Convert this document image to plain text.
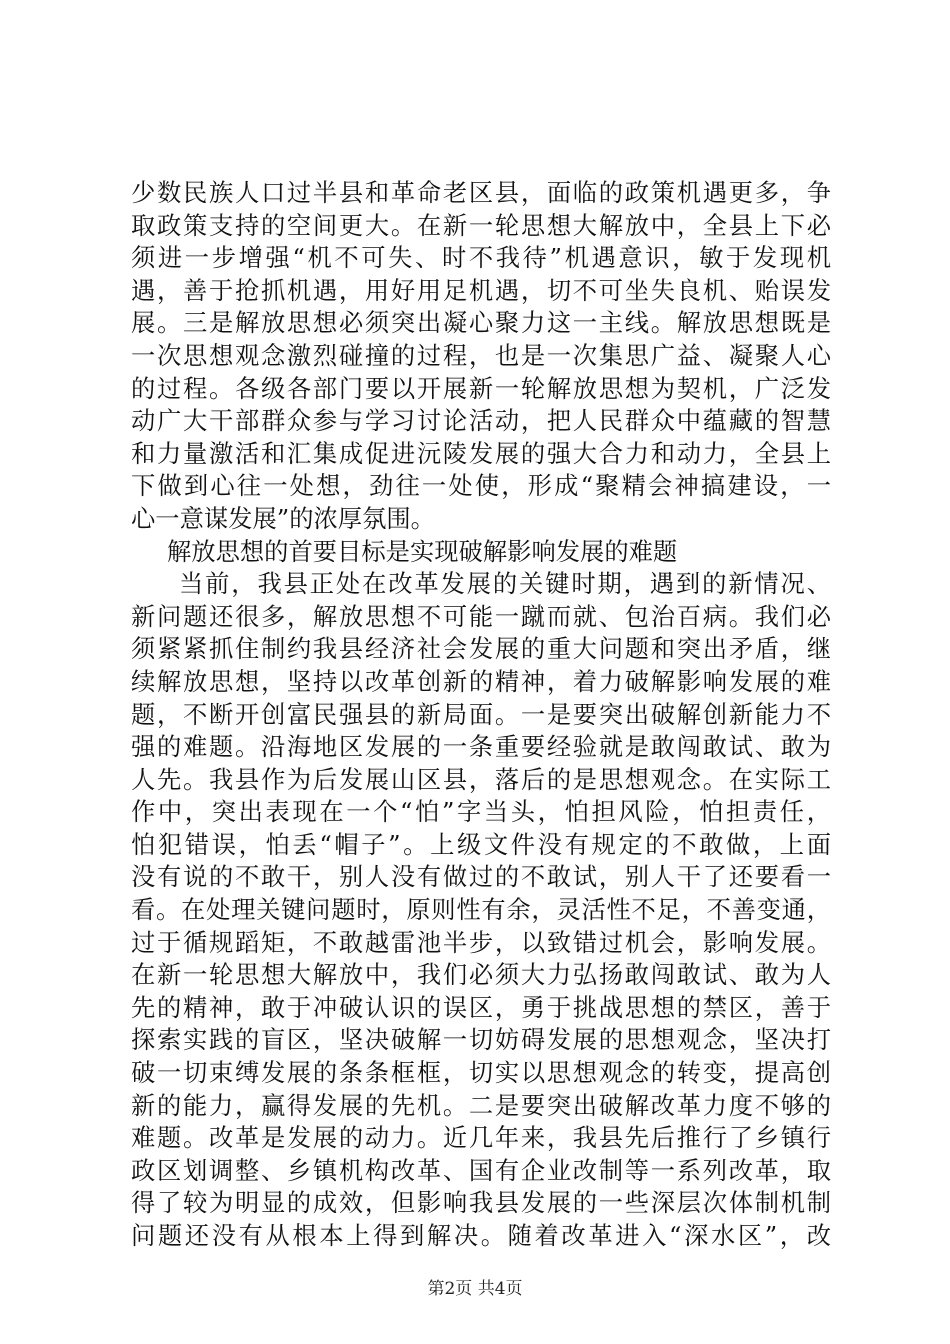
少数民族人口过半县和革命老区县，面临的政策机遇更多，争
取政策支持的空间更大。在新一轮思想大解放中，全县上下必
须进一步增强“机不可失、时不我待”机遇意识，敏于发现机
遇，善于抢抓机遇，用好用足机遇，切不可坐失良机、贻误发
展。三是解放思想必须突出凝心聚力这一主线。解放思想既是
一次思想观念激烈碰撞的过程，也是一次集思广益、凝聚人心
的过程。各级各部门要以开展新一轮解放思想为契机，广泛发
动广大干部群众参与学习讨论活动，把人民群众中蕴藏的智慧
和力量激活和汇集成促进沅陵发展的强大合力和动力，全县上
下做到心往一处想，劲往一处使，形成“聚精会神搞建设，一
心一意谋发展”的浓厚氛围。
解放思想的首要目标是实现破解影响发展的难题
当前，我县正处在改革发展的关键时期，遇到的新情况、
新问题还很多，解放思想不可能一蹴而就、包治百病。我们必
须紧紧抓住制约我县经济社会发展的重大问题和突出矛盾，继
续解放思想，坚持以改革创新的精神，着力破解影响发展的难
题，不断开创富民强县的新局面。一是要突出破解创新能力不
强的难题。沿海地区发展的一条重要经验就是敢闯敢试、敢为
人先。我县作为后发展山区县，落后的是思想观念。在实际工
作中，突出表现在一个“怕”字当头，怕担风险，怕担责任，
怕犯错误，怕丢“帽子”。上级文件没有规定的不敢做，上面
没有说的不敢干，别人没有做过的不敢试，别人干了还要看一
看。在处理关键问题时，原则性有余，灵活性不足，不善变通，
过于循规蹈矩，不敢越雷池半步，以致错过机会，影响发展。
在新一轮思想大解放中，我们必须大力弘扬敢闯敢试、敢为人
先的精神，敢于冲破认识的误区，勇于挑战思想的禁区，善于
探索实践的盲区，坚决破解一切妨碍发展的思想观念，坚决打
破一切束缚发展的条条框框，切实以思想观念的转变，提高创
新的能力，赢得发展的先机。二是要突出破解改革力度不够的
难题。改革是发展的动力。近几年来，我县先后推行了乡镇行
政区划调整、乡镇机构改革、国有企业改制等一系列改革，取
得了较为明显的成效，但影响我县发展的一些深层次体制机制
问题还没有从根本上得到解决。随着改革进入“深水区”，改
第2页 共4页
